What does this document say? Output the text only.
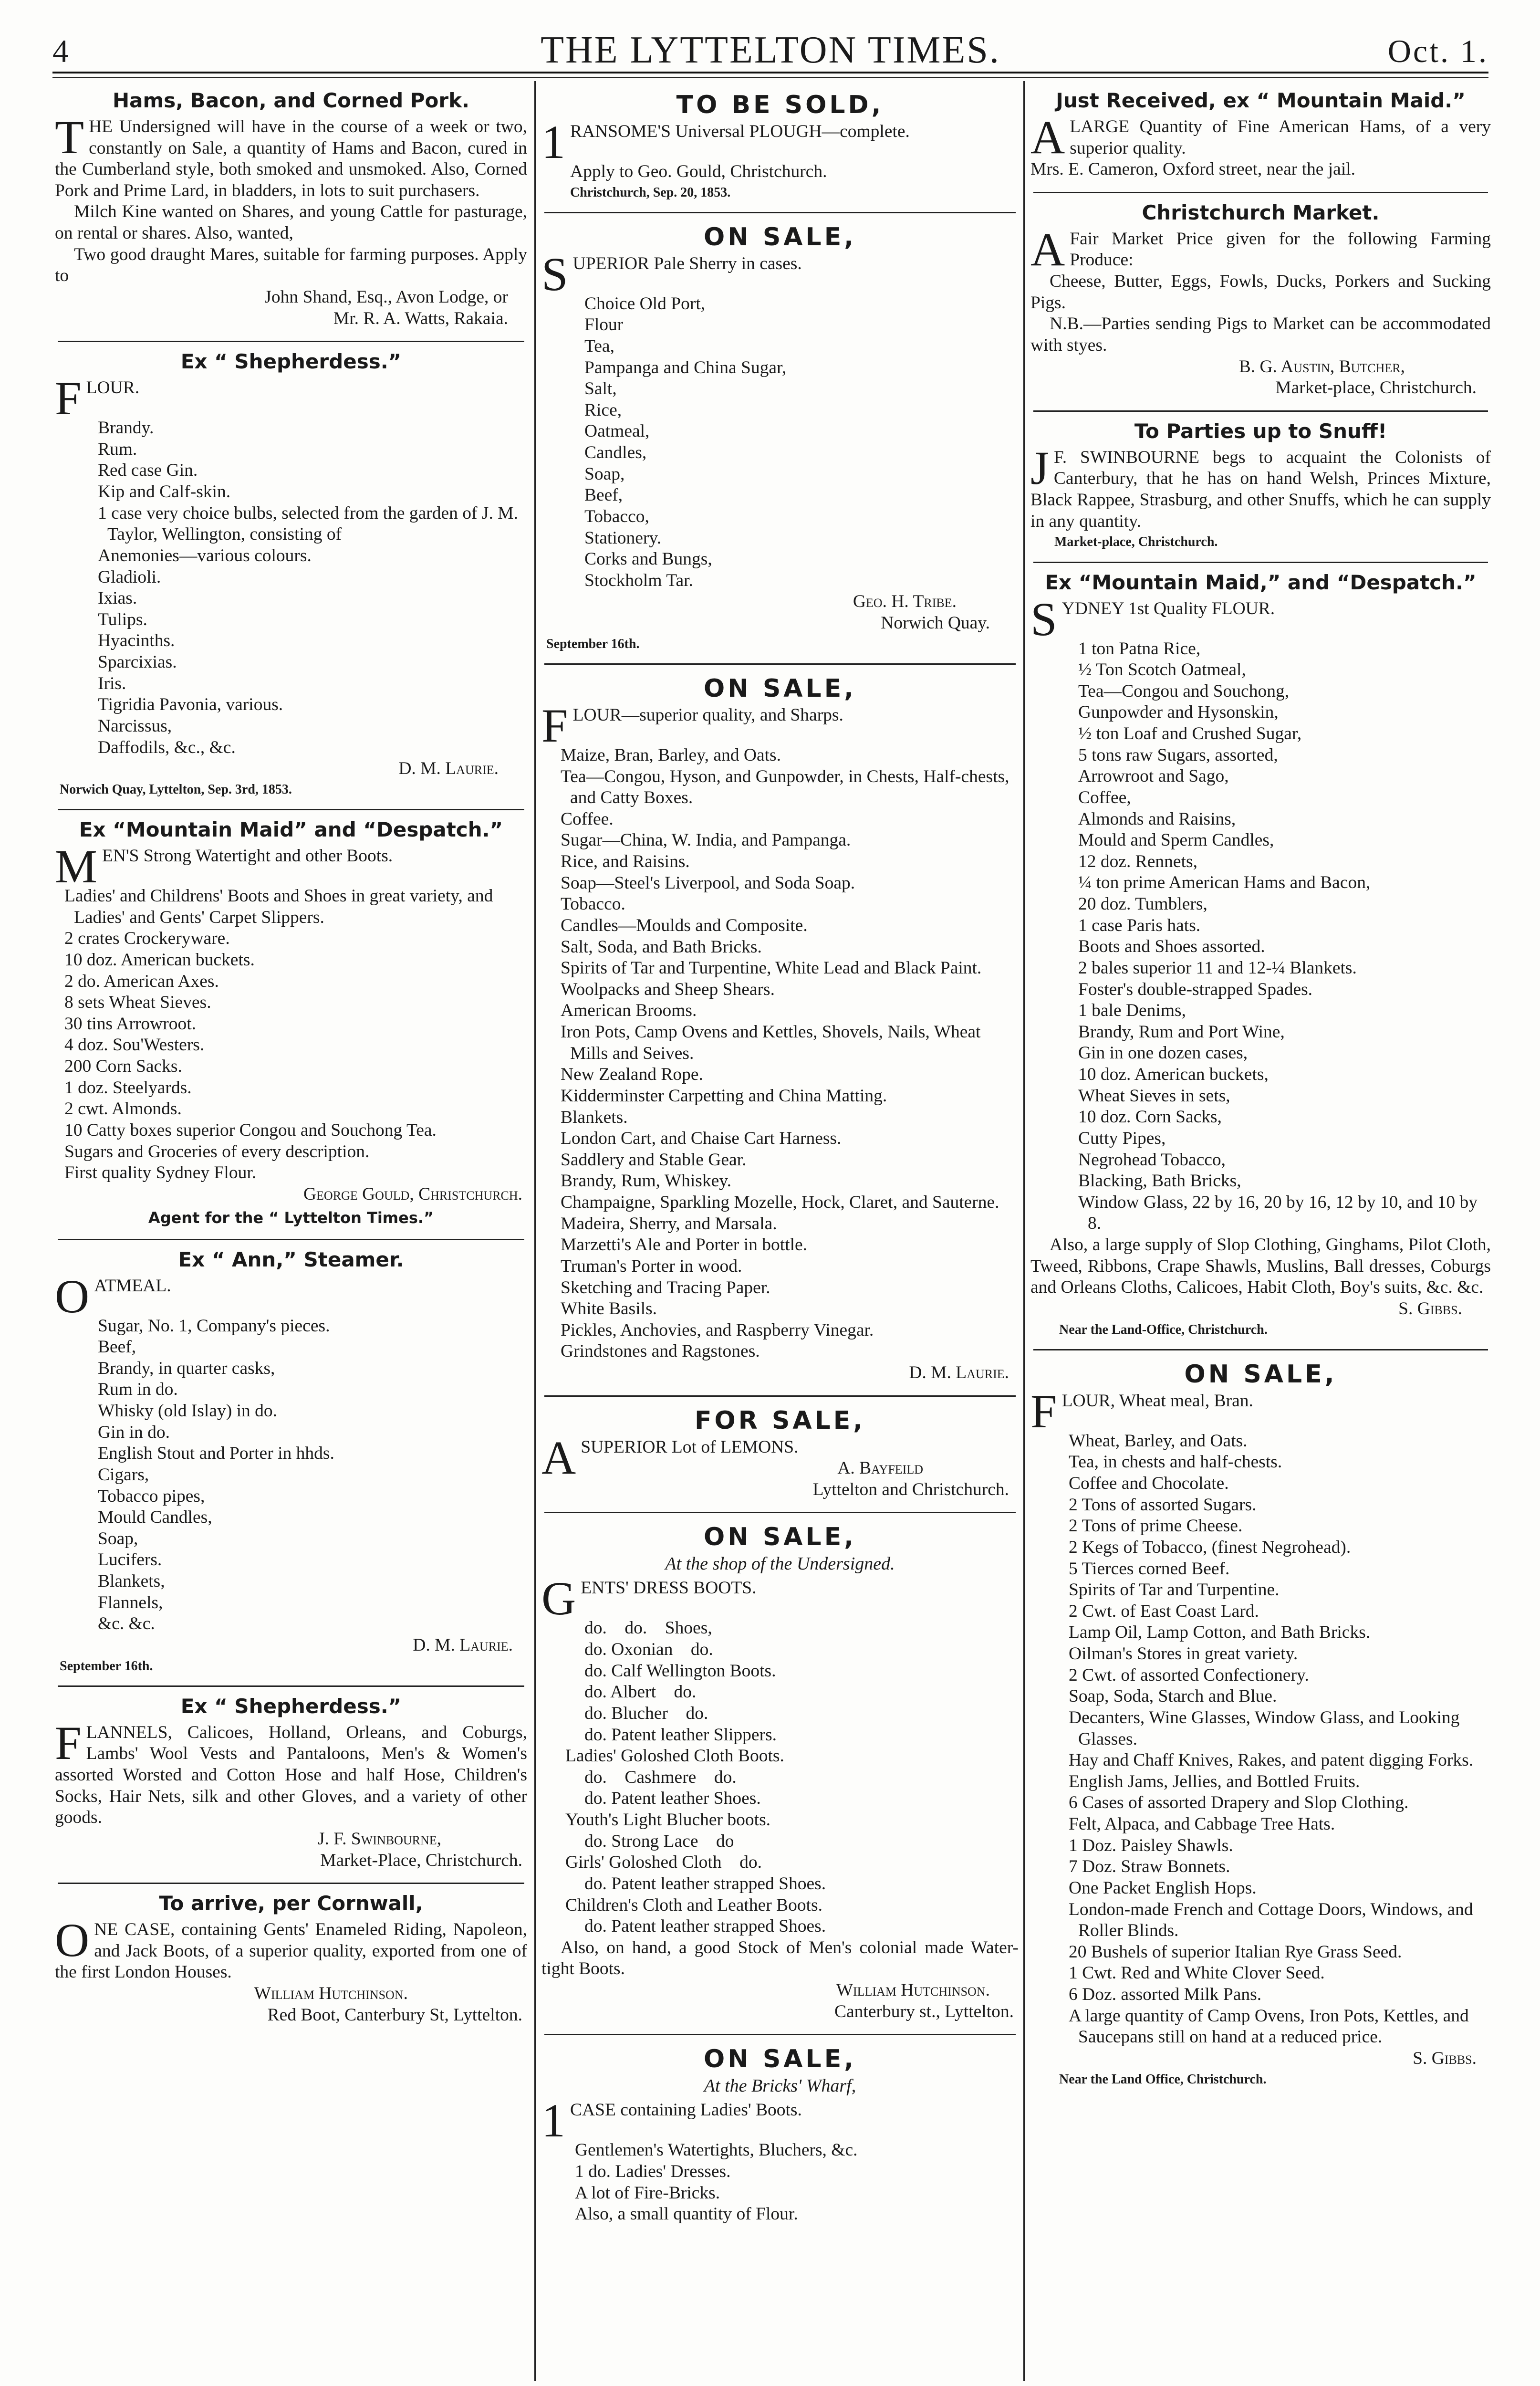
4	THE LYTTELTON TIMES.	Oct. 1.
Hams, Bacon, and Corned Pork.
T HE Undersigned will have in the course of a week or two, constantly on Sale, a quantity of Hams and Bacon, cured in the Cumberland style, both smoked and unsmoked. Also, Corned Pork and Prime Lard, in bladders, in lots to suit purchasers.

Milch Kine wanted on Shares, and young Cattle for pasturage, on rental or shares. Also, wanted,

Two good draught Mares, suitable for farming purposes. Apply to

John Shand, Esq., Avon Lodge, or

Mr. R. A. Watts, Rakaia.

Ex “ Shepherdess.”
F LOUR.

Brandy.

Rum.

Red case Gin.

Kip and Calf-skin.

1 case very choice bulbs, selected from the garden of J. M. Taylor, Wellington, consisting of

Anemonies—various colours.

Gladioli.

Ixias.

Tulips.

Hyacinths.

Sparcixias.

Iris.

Tigridia Pavonia, various.

Narcissus,

Daffodils, &c., &c.

D. M. Laurie.

Norwich Quay, Lyttelton, Sep. 3rd, 1853.

Ex “Mountain Maid” and “Despatch.”
M EN'S Strong Watertight and other Boots.

Ladies' and Childrens' Boots and Shoes in great variety, and Ladies' and Gents' Carpet Slippers.

2 crates Crockeryware.

10 doz. American buckets.

2 do. American Axes.

8 sets Wheat Sieves.

30 tins Arrowroot.

4 doz. Sou'Westers.

200 Corn Sacks.

1 doz. Steelyards.

2 cwt. Almonds.

10 Catty boxes superior Congou and Souchong Tea.

Sugars and Groceries of every description.

First quality Sydney Flour.

George Gould, Christchurch.

Agent for the “ Lyttelton Times.”

Ex “ Ann,” Steamer.
O ATMEAL.

Sugar, No. 1, Company's pieces.

Beef,

Brandy, in quarter casks,

Rum in do.

Whisky (old Islay) in do.

Gin in do.

English Stout and Porter in hhds.

Cigars,

Tobacco pipes,

Mould Candles,

Soap,

Lucifers.

Blankets,

Flannels,

&c. &c.

D. M. Laurie.

September 16th.

Ex “ Shepherdess.”
F LANNELS, Calicoes, Holland, Orleans, and Coburgs, Lambs' Wool Vests and Pantaloons, Men's & Women's assorted Worsted and Cotton Hose and half Hose, Children's Socks, Hair Nets, silk and other Gloves, and a variety of other goods.

J. F. Swinbourne,

Market-Place, Christchurch.

To arrive, per Cornwall,
O NE CASE, containing Gents' Enameled Riding, Napoleon, and Jack Boots, of a superior quality, exported from one of the first London Houses.

William Hutchinson.

Red Boot, Canterbury St, Lyttelton.

TO BE SOLD,
1 RANSOME'S Universal PLOUGH—complete.

Apply to Geo. Gould, Christchurch.

Christchurch, Sep. 20, 1853.

ON SALE,
S UPERIOR Pale Sherry in cases.

Choice Old Port,

Flour

Tea,

Pampanga and China Sugar,

Salt,

Rice,

Oatmeal,

Candles,

Soap,

Beef,

Tobacco,

Stationery.

Corks and Bungs,

Stockholm Tar.

Geo. H. Tribe.

Norwich Quay.

September 16th.

ON SALE,
F LOUR—superior quality, and Sharps.

Maize, Bran, Barley, and Oats.

Tea—Congou, Hyson, and Gunpowder, in Chests, Half-chests, and Catty Boxes.

Coffee.

Sugar—China, W. India, and Pampanga.

Rice, and Raisins.

Soap—Steel's Liverpool, and Soda Soap.

Tobacco.

Candles—Moulds and Composite.

Salt, Soda, and Bath Bricks.

Spirits of Tar and Turpentine, White Lead and Black Paint.

Woolpacks and Sheep Shears.

American Brooms.

Iron Pots, Camp Ovens and Kettles, Shovels, Nails, Wheat Mills and Seives.

New Zealand Rope.

Kidderminster Carpetting and China Matting.

Blankets.

London Cart, and Chaise Cart Harness.

Saddlery and Stable Gear.

Brandy, Rum, Whiskey.

Champaigne, Sparkling Mozelle, Hock, Claret, and Sauterne.

Madeira, Sherry, and Marsala.

Marzetti's Ale and Porter in bottle.

Truman's Porter in wood.

Sketching and Tracing Paper.

White Basils.

Pickles, Anchovies, and Raspberry Vinegar.

Grindstones and Ragstones.

D. M. Laurie.

FOR SALE,
A SUPERIOR Lot of LEMONS.

A. Bayfeild

Lyttelton and Christchurch.

ON SALE,
At the shop of the Undersigned.
G ENTS' DRESS BOOTS.

do.    do.    Shoes,

do. Oxonian    do.

do. Calf Wellington Boots.

do. Albert    do.

do. Blucher    do.

do. Patent leather Slippers.

Ladies' Goloshed Cloth Boots.

do.    Cashmere    do.

do. Patent leather Shoes.

Youth's Light Blucher boots.

do. Strong Lace    do

Girls' Goloshed Cloth    do.

do. Patent leather strapped Shoes.

Children's Cloth and Leather Boots.

do. Patent leather strapped Shoes.

Also, on hand, a good Stock of Men's colonial made Water-tight Boots.

William Hutchinson.

Canterbury st., Lyttelton.

ON SALE,
At the Bricks' Wharf,
1 CASE containing Ladies' Boots.

Gentlemen's Watertights, Bluchers, &c.

1 do. Ladies' Dresses.

A lot of Fire-Bricks.

Also, a small quantity of Flour.

Just Received, ex “ Mountain Maid.”
A LARGE Quantity of Fine American Hams, of a very superior quality.

Mrs. E. Cameron, Oxford street, near the jail.

Christchurch Market.
A Fair Market Price given for the following Farming Produce:

Cheese, Butter, Eggs, Fowls, Ducks, Porkers and Sucking Pigs.

N.B.—Parties sending Pigs to Market can be accommodated with styes.

B. G. Austin, Butcher,

Market-place, Christchurch.

To Parties up to Snuff!
J F. SWINBOURNE begs to acquaint the Colonists of Canterbury, that he has on hand Welsh, Princes Mixture, Black Rappee, Strasburg, and other Snuffs, which he can supply in any quantity.

Market-place, Christchurch.

Ex “Mountain Maid,” and “Despatch.”
S YDNEY 1st Quality FLOUR.

1 ton Patna Rice,

½ Ton Scotch Oatmeal,

Tea—Congou and Souchong,

Gunpowder and Hysonskin,

½ ton Loaf and Crushed Sugar,

5 tons raw Sugars, assorted,

Arrowroot and Sago,

Coffee,

Almonds and Raisins,

Mould and Sperm Candles,

12 doz. Rennets,

¼ ton prime American Hams and Bacon,

20 doz. Tumblers,

1 case Paris hats.

Boots and Shoes assorted.

2 bales superior 11 and 12-¼ Blankets.

Foster's double-strapped Spades.

1 bale Denims,

Brandy, Rum and Port Wine,

Gin in one dozen cases,

10 doz. American buckets,

Wheat Sieves in sets,

10 doz. Corn Sacks,

Cutty Pipes,

Negrohead Tobacco,

Blacking, Bath Bricks,

Window Glass, 22 by 16, 20 by 16, 12 by 10, and 10 by 8.

Also, a large supply of Slop Clothing, Ginghams, Pilot Cloth, Tweed, Ribbons, Crape Shawls, Muslins, Ball dresses, Coburgs and Orleans Cloths, Calicoes, Habit Cloth, Boy's suits, &c. &c.

S. Gibbs.

Near the Land-Office, Christchurch.

ON SALE,
F LOUR, Wheat meal, Bran.

Wheat, Barley, and Oats.

Tea, in chests and half-chests.

Coffee and Chocolate.

2 Tons of assorted Sugars.

2 Tons of prime Cheese.

2 Kegs of Tobacco, (finest Negrohead).

5 Tierces corned Beef.

Spirits of Tar and Turpentine.

2 Cwt. of East Coast Lard.

Lamp Oil, Lamp Cotton, and Bath Bricks.

Oilman's Stores in great variety.

2 Cwt. of assorted Confectionery.

Soap, Soda, Starch and Blue.

Decanters, Wine Glasses, Window Glass, and Looking Glasses.

Hay and Chaff Knives, Rakes, and patent digging Forks.

English Jams, Jellies, and Bottled Fruits.

6 Cases of assorted Drapery and Slop Clothing.

Felt, Alpaca, and Cabbage Tree Hats.

1 Doz. Paisley Shawls.

7 Doz. Straw Bonnets.

One Packet English Hops.

London-made French and Cottage Doors, Windows, and Roller Blinds.

20 Bushels of superior Italian Rye Grass Seed.

1 Cwt. Red and White Clover Seed.

6 Doz. assorted Milk Pans.

A large quantity of Camp Ovens, Iron Pots, Kettles, and Saucepans still on hand at a reduced price.

S. Gibbs.

Near the Land Office, Christchurch.
